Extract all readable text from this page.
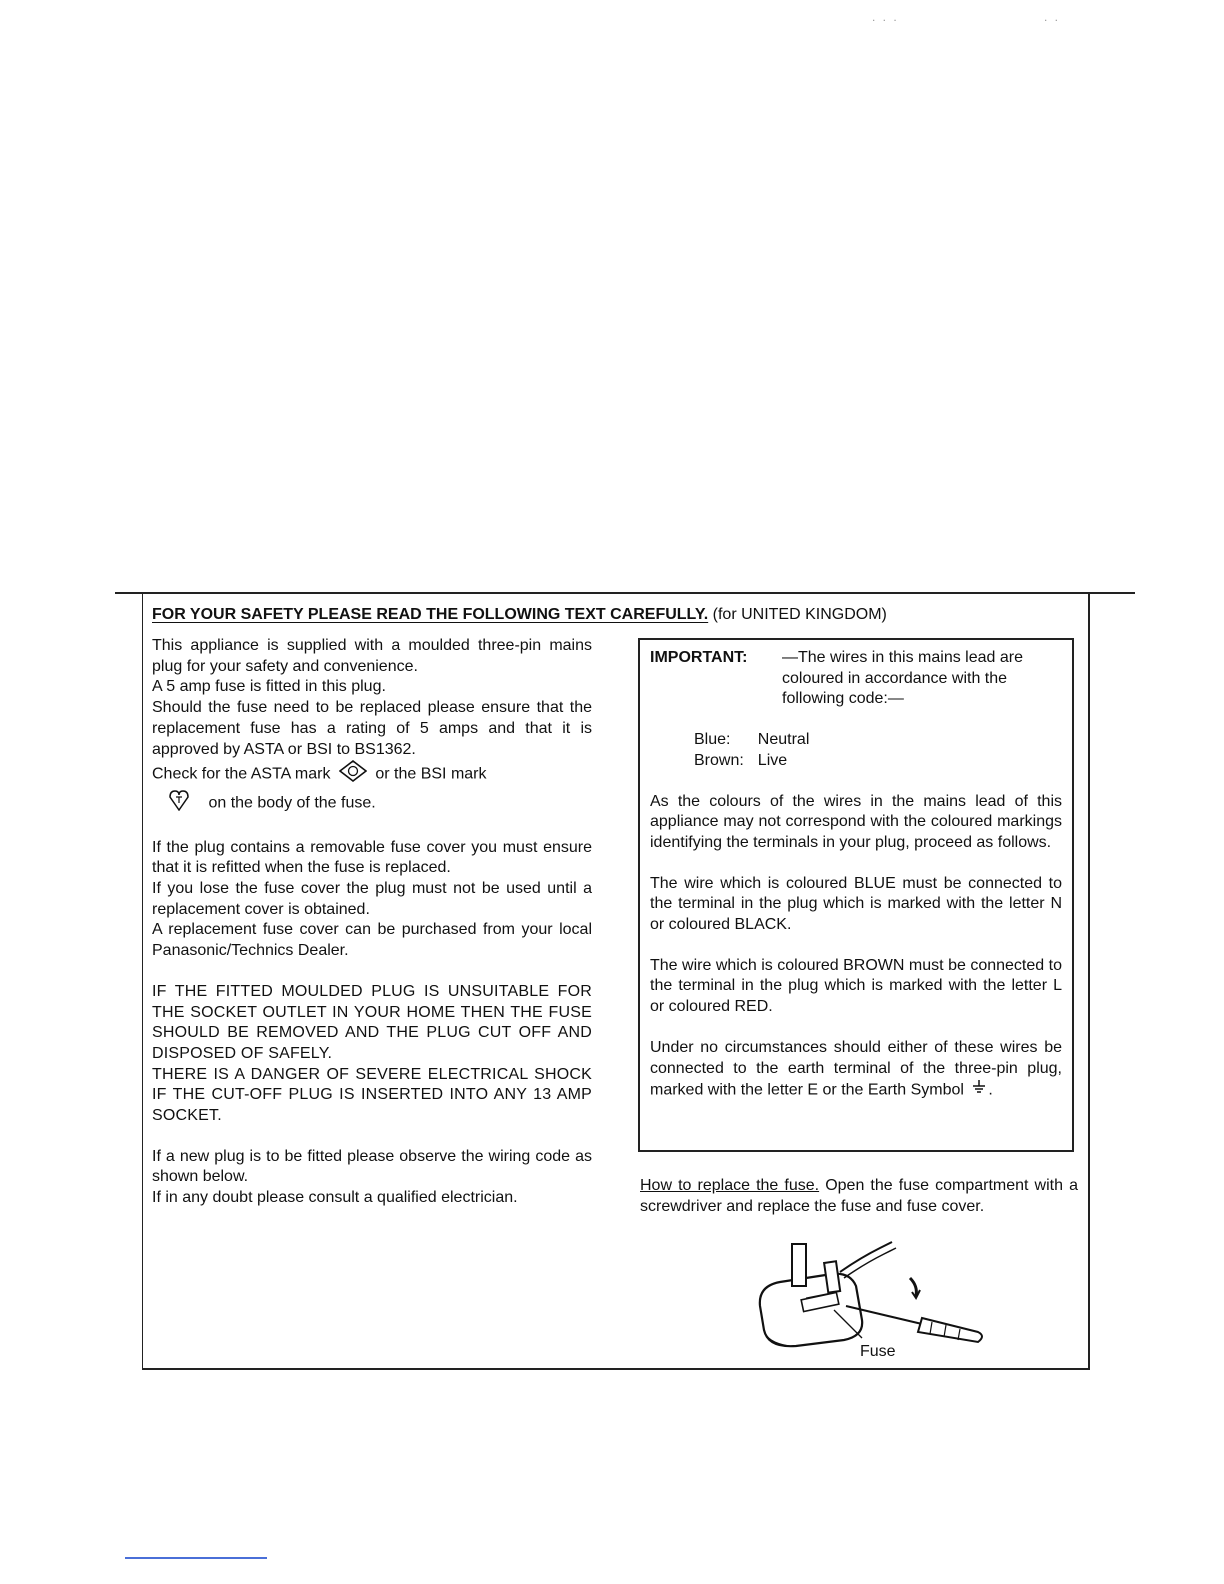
. . .	. .
FOR YOUR SAFETY PLEASE READ THE FOLLOWING TEXT CAREFULLY. (for UNITED KINGDOM)

This appliance is supplied with a moulded three-pin mains plug for your safety and convenience.
A 5 amp fuse is fitted in this plug.
Should the fuse need to be replaced please ensure that the replacement fuse has a rating of 5 amps and that it is approved by ASTA or BSI to BS1362.
Check for the ASTA mark	or the BSI mark
on the body of the fuse.

If the plug contains a removable fuse cover you must ensure that it is refitted when the fuse is replaced.
If you lose the fuse cover the plug must not be used until a replacement cover is obtained.
A replacement fuse cover can be purchased from your local Panasonic/Technics Dealer.

IF THE FITTED MOULDED PLUG IS UNSUITABLE FOR THE SOCKET OUTLET IN YOUR HOME THEN THE FUSE SHOULD BE REMOVED AND THE PLUG CUT OFF AND DISPOSED OF SAFELY.
THERE IS A DANGER OF SEVERE ELECTRICAL SHOCK IF THE CUT-OFF PLUG IS INSERTED INTO ANY 13 AMP SOCKET.

If a new plug is to be fitted please observe the wiring code as shown below.
If in any doubt please consult a qualified electrician.

IMPORTANT:	—The wires in this mains lead are coloured in accordance with the following code:—
Blue:	Neutral
Brown:	Live

As the colours of the wires in the mains lead of this appliance may not correspond with the coloured markings identifying the terminals in your plug, proceed as follows.

The wire which is coloured BLUE must be connected to the terminal in the plug which is marked with the letter N or coloured BLACK.

The wire which is coloured BROWN must be connected to the terminal in the plug which is marked with the letter L or coloured RED.

Under no circumstances should either of these wires be connected to the earth terminal of the three-pin plug, marked with the letter E or the Earth Symbol .

How to replace the fuse. Open the fuse compartment with a screwdriver and replace the fuse and fuse cover.
Fuse
